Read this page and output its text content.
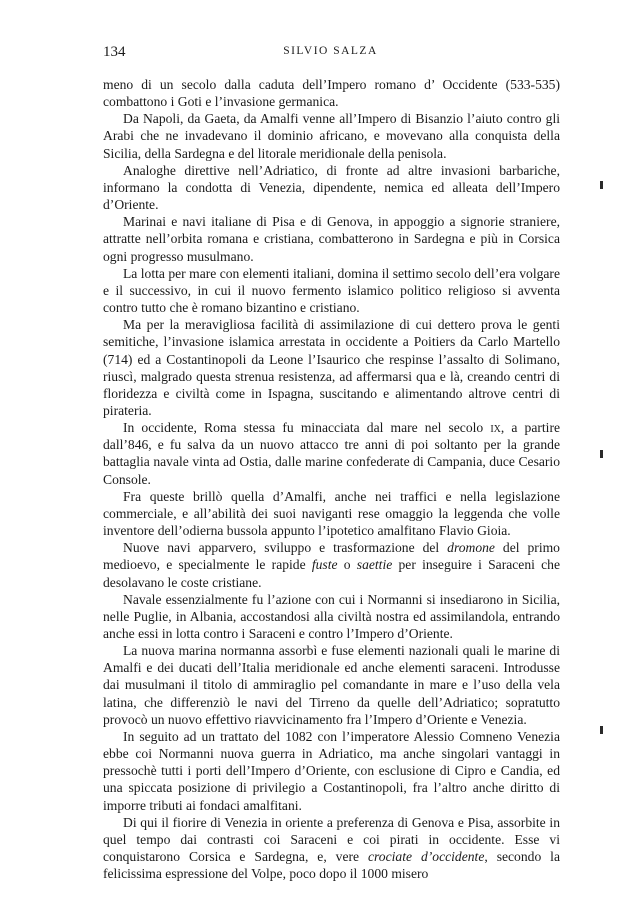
134	SILVIO SALZA

meno di un secolo dalla caduta dell’Impero romano d’ Occidente (533-535) combattono i Goti e l’invasione germanica.

Da Napoli, da Gaeta, da Amalfi venne all’Impero di Bisanzio l’aiuto contro gli Arabi che ne invadevano il dominio africano, e movevano alla conquista della Sicilia, della Sardegna e del litorale meridionale della penisola.

Analoghe direttive nell’Adriatico, di fronte ad altre invasioni barbariche, informano la condotta di Venezia, dipendente, nemica ed alleata dell’Impero d’Oriente.

Marinai e navi italiane di Pisa e di Genova, in appoggio a signorie straniere, attratte nell’orbita romana e cristiana, combatterono in Sardegna e più in Corsica ogni progresso musulmano.

La lotta per mare con elementi italiani, domina il settimo secolo dell’era volgare e il successivo, in cui il nuovo fermento islamico politico religioso si avventa contro tutto che è romano bizantino e cristiano.

Ma per la meravigliosa facilità di assimilazione di cui dettero prova le genti semitiche, l’invasione islamica arrestata in occidente a Poitiers da Carlo Martello (714) ed a Costantinopoli da Leone l’Isaurico che respinse l’assalto di Solimano, riuscì, malgrado questa strenua resistenza, ad affermarsi qua e là, creando centri di floridezza e civiltà come in Ispagna, suscitando e alimentando altrove centri di pirateria.

In occidente, Roma stessa fu minacciata dal mare nel secolo ix, a partire dall’846, e fu salva da un nuovo attacco tre anni di poi soltanto per la grande battaglia navale vinta ad Ostia, dalle marine confederate di Campania, duce Cesario Console.

Fra queste brillò quella d’Amalfi, anche nei traffici e nella legislazione commerciale, e all’abilità dei suoi naviganti rese omaggio la leggenda che volle inventore dell’odierna bussola appunto l’ipotetico amalfitano Flavio Gioia.

Nuove navi apparvero, sviluppo e trasformazione del dromone del primo medioevo, e specialmente le rapide fuste o saettie per inseguire i Saraceni che desolavano le coste cristiane.

Navale essenzialmente fu l’azione con cui i Normanni si insediarono in Sicilia, nelle Puglie, in Albania, accostandosi alla civiltà nostra ed assimilandola, entrando anche essi in lotta contro i Saraceni e contro l’Impero d’Oriente.

La nuova marina normanna assorbì e fuse elementi nazionali quali le marine di Amalfi e dei ducati dell’Italia meridionale ed anche elementi saraceni. Introdusse dai musulmani il titolo di ammiraglio pel comandante in mare e l’uso della vela latina, che differenziò le navi del Tirreno da quelle dell’Adriatico; sopratutto provocò un nuovo effettivo riavvicinamento fra l’Impero d’Oriente e Venezia.

In seguito ad un trattato del 1082 con l’imperatore Alessio Comneno Venezia ebbe coi Normanni nuova guerra in Adriatico, ma anche singolari vantaggi in pressochè tutti i porti dell’Impero d’Oriente, con esclusione di Cipro e Candia, ed una spiccata posizione di privilegio a Costantinopoli, fra l’altro anche diritto di imporre tributi ai fondaci amalfitani.

Di qui il fiorire di Venezia in oriente a preferenza di Genova e Pisa, assorbite in quel tempo dai contrasti coi Saraceni e coi pirati in occidente. Esse vi conquistarono Corsica e Sardegna, e, vere crociate d’occidente, secondo la felicissima espressione del Volpe, poco dopo il 1000 misero
